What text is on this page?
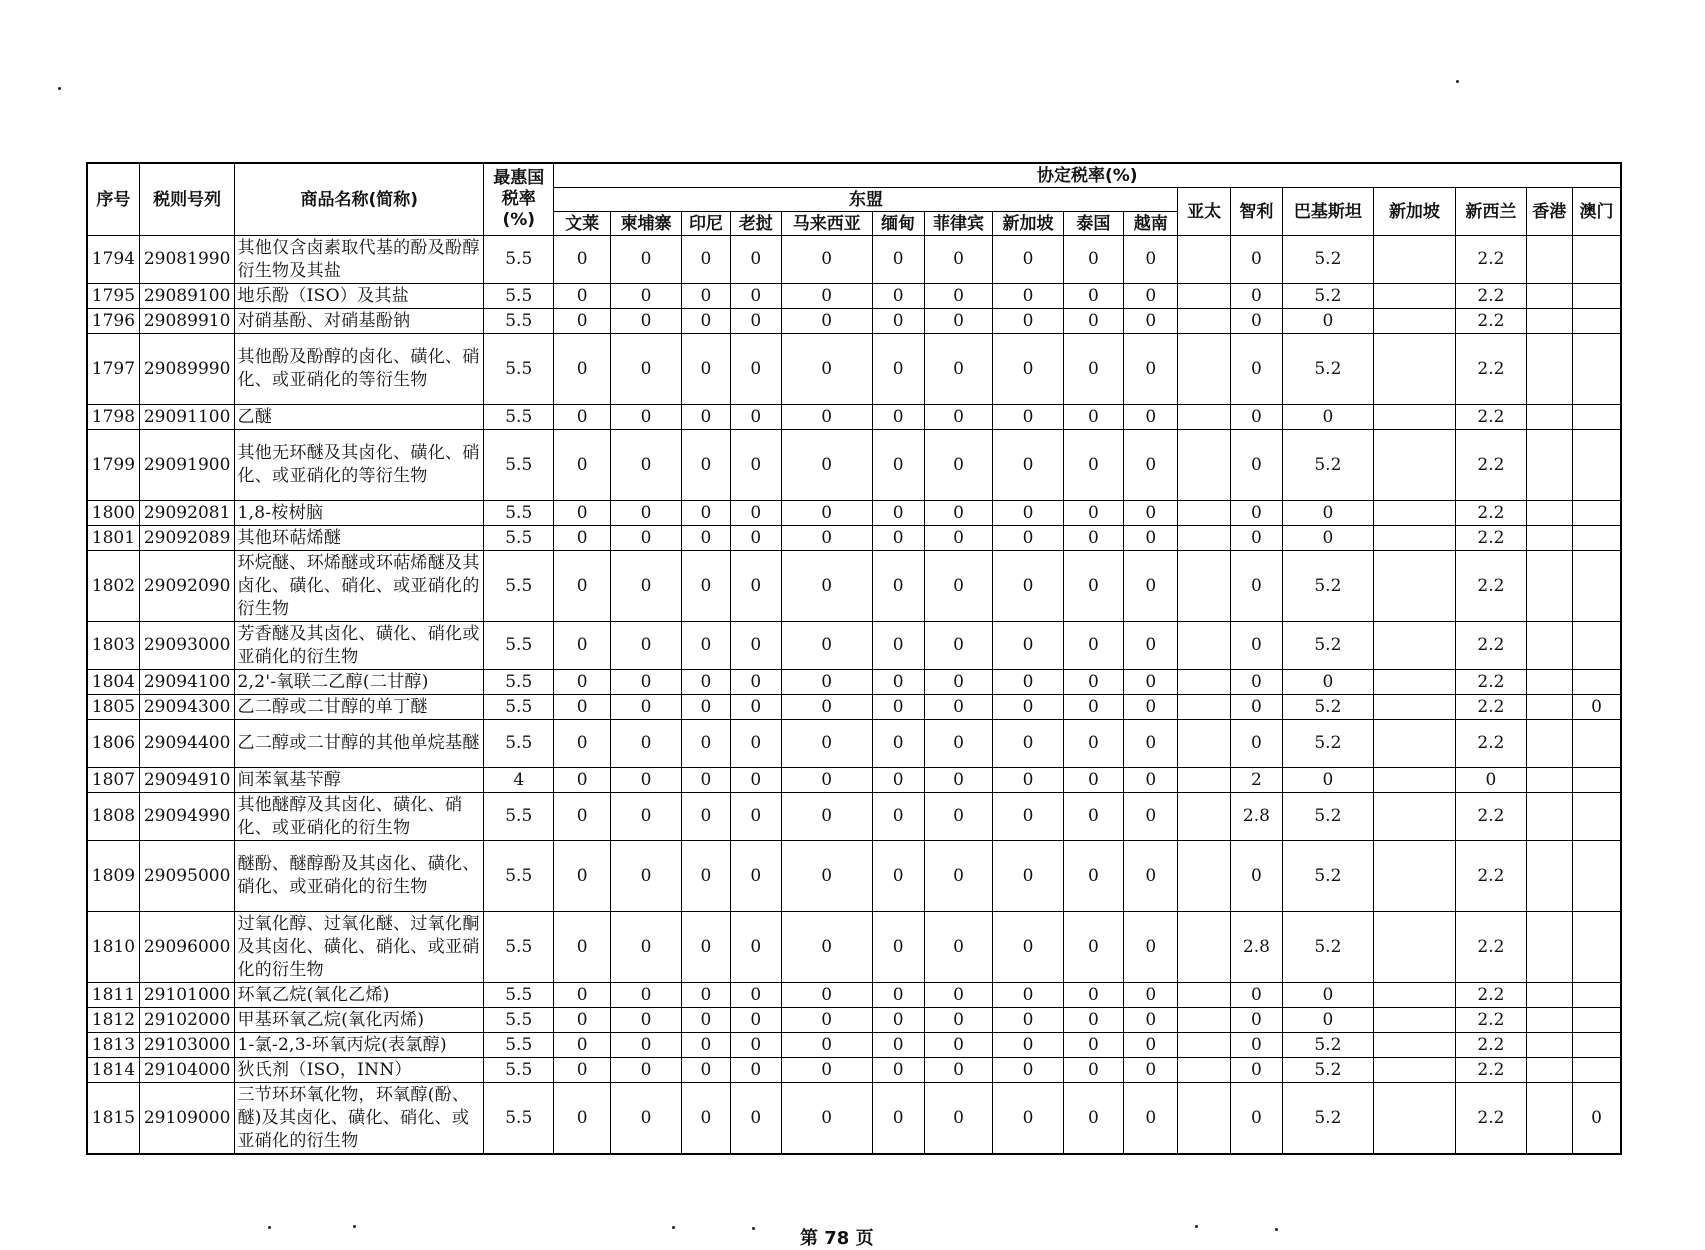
序号	税则号列	商品名称(简称)	最惠国
税率
(%)	协定税率(%)																
				东盟										亚太	智利	巴基斯坦	新加坡	新西兰	香港	澳门
				文莱	柬埔寨	印尼	老挝	马来西亚	缅甸	菲律宾	新加坡	泰国	越南							
1794	29081990	其他仅含卤素取代基的酚及酚醇衍生物及其盐	5.5	0	0	0	0	0	0	0	0	0	0		0	5.2		2.2		
1795	29089100	地乐酚（ISO）及其盐	5.5	0	0	0	0	0	0	0	0	0	0		0	5.2		2.2		
1796	29089910	对硝基酚、对硝基酚钠	5.5	0	0	0	0	0	0	0	0	0	0		0	0		2.2		
1797	29089990	其他酚及酚醇的卤化、磺化、硝化、或亚硝化的等衍生物	5.5	0	0	0	0	0	0	0	0	0	0		0	5.2		2.2		
1798	29091100	乙醚	5.5	0	0	0	0	0	0	0	0	0	0		0	0		2.2		
1799	29091900	其他无环醚及其卤化、磺化、硝化、或亚硝化的等衍生物	5.5	0	0	0	0	0	0	0	0	0	0		0	5.2		2.2		
1800	29092081	1,8-桉树脑	5.5	0	0	0	0	0	0	0	0	0	0		0	0		2.2		
1801	29092089	其他环萜烯醚	5.5	0	0	0	0	0	0	0	0	0	0		0	0		2.2		
1802	29092090	环烷醚、环烯醚或环萜烯醚及其卤化、磺化、硝化、或亚硝化的衍生物	5.5	0	0	0	0	0	0	0	0	0	0		0	5.2		2.2		
1803	29093000	芳香醚及其卤化、磺化、硝化或亚硝化的衍生物	5.5	0	0	0	0	0	0	0	0	0	0		0	5.2		2.2		
1804	29094100	2,2'-氧联二乙醇(二甘醇)	5.5	0	0	0	0	0	0	0	0	0	0		0	0		2.2		
1805	29094300	乙二醇或二甘醇的单丁醚	5.5	0	0	0	0	0	0	0	0	0	0		0	5.2		2.2		0
1806	29094400	乙二醇或二甘醇的其他单烷基醚	5.5	0	0	0	0	0	0	0	0	0	0		0	5.2		2.2		
1807	29094910	间苯氧基苄醇	4	0	0	0	0	0	0	0	0	0	0		2	0		0		
1808	29094990	其他醚醇及其卤化、磺化、硝化、或亚硝化的衍生物	5.5	0	0	0	0	0	0	0	0	0	0		2.8	5.2		2.2		
1809	29095000	醚酚、醚醇酚及其卤化、磺化、硝化、或亚硝化的衍生物	5.5	0	0	0	0	0	0	0	0	0	0		0	5.2		2.2		
1810	29096000	过氧化醇、过氧化醚、过氧化酮及其卤化、磺化、硝化、或亚硝化的衍生物	5.5	0	0	0	0	0	0	0	0	0	0		2.8	5.2		2.2		
1811	29101000	环氧乙烷(氧化乙烯)	5.5	0	0	0	0	0	0	0	0	0	0		0	0		2.2		
1812	29102000	甲基环氧乙烷(氧化丙烯)	5.5	0	0	0	0	0	0	0	0	0	0		0	0		2.2		
1813	29103000	1-氯-2,3-环氧丙烷(表氯醇)	5.5	0	0	0	0	0	0	0	0	0	0		0	5.2		2.2		
1814	29104000	狄氏剂（ISO，INN）	5.5	0	0	0	0	0	0	0	0	0	0		0	5.2		2.2		
1815	29109000	三节环环氧化物，环氧醇(酚、醚)及其卤化、磺化、硝化、或亚硝化的衍生物	5.5	0	0	0	0	0	0	0	0	0	0		0	5.2		2.2		0
第 78 页
